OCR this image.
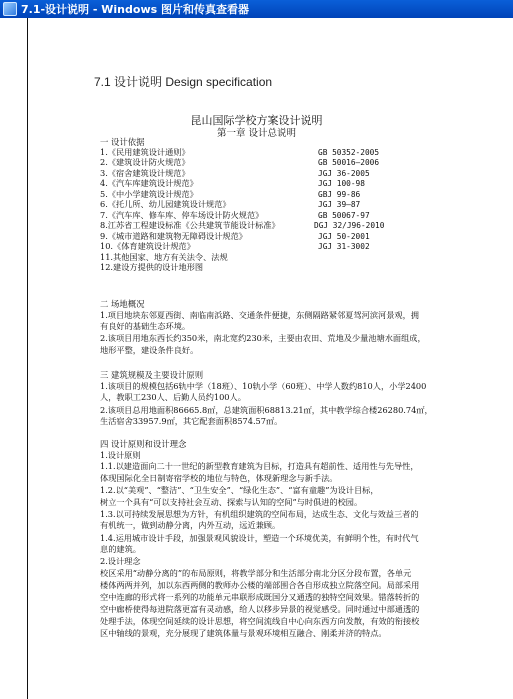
7.1-设计说明 - Windows 图片和传真查看器
7.1 设计说明 Design specification
昆山国际学校方案设计说明
第一章 设计总说明
一 设计依据
1.《民用建筑设计通则》	GB 50352-2005
2.《建筑设计防火规范》	GB 50016—2006
3.《宿舍建筑设计规范》	JGJ 36-2005
4.《汽车库建筑设计规范》	JGJ 100-98
5.《中小学建筑设计规范》	GBJ 99-86
6.《托儿所、幼儿园建筑设计规范》	JGJ 39—87
7.《汽车库、修车库、停车场设计防火规范》	GB 50067-97
8.江苏省工程建设标准《公共建筑节能设计标准》	DGJ 32/J96-2010
9.《城市道路和建筑物无障碍设计规范》	JGJ 50-2001
10.《体育建筑设计规范》	JGJ 31-3002
11.其他国家、地方有关法令、法规
12.建设方提供的设计地形图
二 场地概况
1.项目地块东邻夏西街、南临南浜路、交通条件便捷，东侧隔路紧邻夏驾河滨河景观，拥
有良好的基础生态环境。
2.该项目用地东西长约350米，南北宽约230米，主要由农田、荒地及少量池塘水面组成，
地形平整，建设条件良好。
三 建筑规模及主要设计原则
1.该项目的规模包括6轨中学（18班）、10轨小学（60班）、中学人数约810人，小学2400
人，教职工230人、后勤人员约100人。
2.该项目总用地面积86665.8㎡，总建筑面积68813.21㎡，其中教学综合楼26280.74㎡，
生活宿舍33957.9㎡，其它配套面积8574.57㎡。
四 设计原则和设计理念
1.设计原则
1.1.以建造面向二十一世纪的新型教育建筑为目标，打造具有超前性、适用性与先导性，
体现国际化全日制寄宿学校的地位与特色，体现新理念与新手法。
1.2.以“美观”、“整洁”、“卫生安全”、“绿化生态”、“富有童趣”为设计目标，
树立一个具有“可以支持社会互动、探索与认知的空间”与时俱进的校园。
1.3.以可持续发展思想为方针，有机组织建筑的空间布局，达成生态、文化与效益三者的
有机统一，做到动静分离，内外互动，远近兼顾。
1.4.运用城市设计手段，加强景观风貌设计，塑造一个环境优美，有鲜明个性，有时代气
息的建筑。
2.设计理念
校区采用“动静分离的”的布局原则，将教学部分和生活部分南北分区分段布置，各单元
楼体两两并列，加以东西两侧的教师办公楼的端部围合各自形成独立院落空间。局部采用
空中连廊的形式将一系列的功能单元串联形成既国分又通透的独特空间效果。错落转折的
空中廊桥使得每进院落更富有灵动感，给人以移步异景的视觉感受。同时通过中部通透的
处理手法，体现空间延续的设计思想，将空间流线自中心向东西方向发散，有效的衔接校
区中轴线的景观，充分展现了建筑体量与景观环境相互融合、刚柔并济的特点。
